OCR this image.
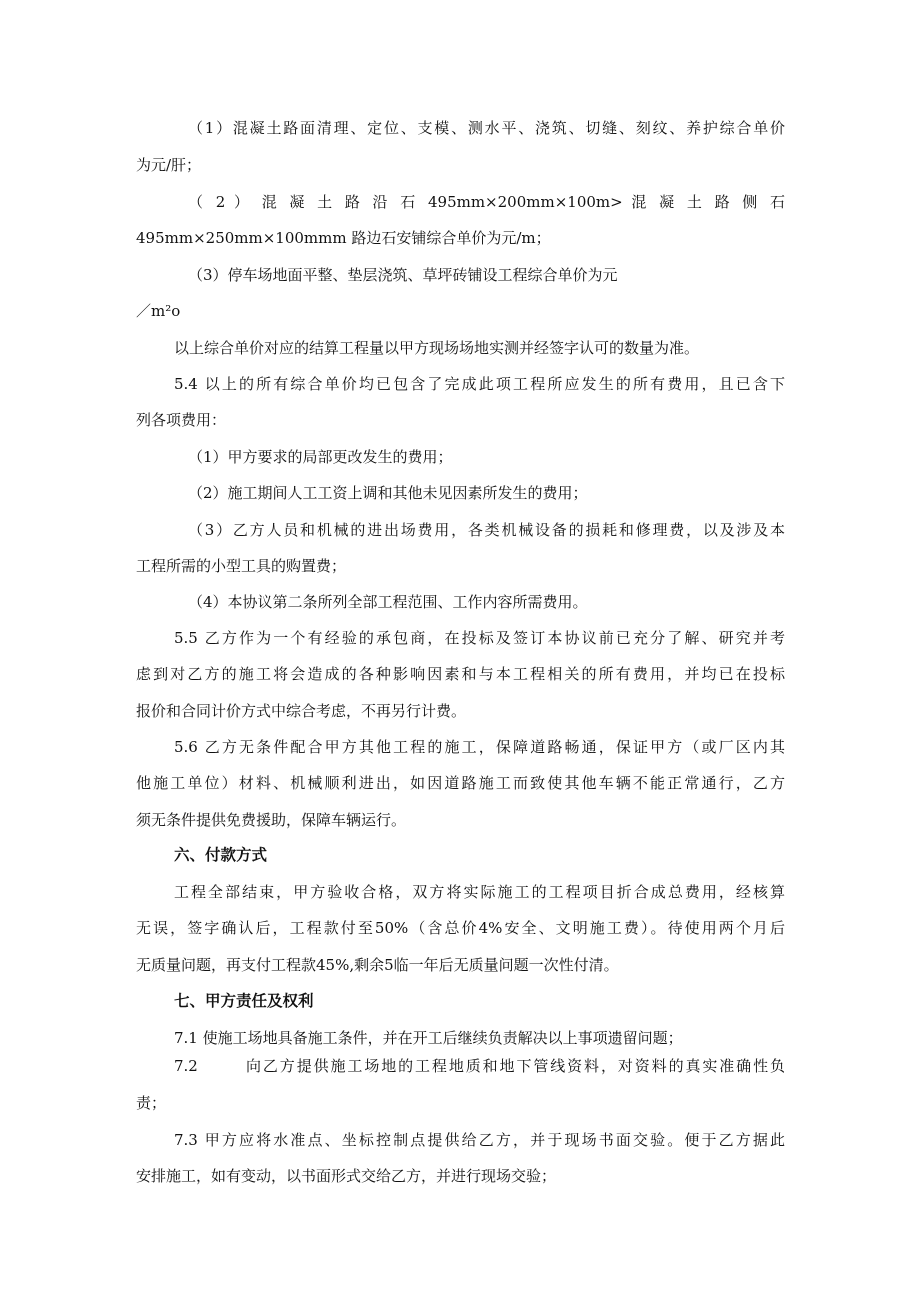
（1）混凝土路面清理、定位、支模、测水平、浇筑、切缝、刻纹、养护综合单价
为元/肝；
（ 2 ） 混 凝 土 路 沿 石 495mm×200mm×100m> 混 凝 土 路 侧 石
495mm×250mm×100mmm 路边石安铺综合单价为元/m；
（3）停车场地面平整、垫层浇筑、草坪砖铺设工程综合单价为元
／m²o
以上综合单价对应的结算工程量以甲方现场场地实测并经签字认可的数量为准。
5.4 以上的所有综合单价均已包含了完成此项工程所应发生的所有费用，且已含下
列各项费用：
（1）甲方要求的局部更改发生的费用；
（2）施工期间人工工资上调和其他未见因素所发生的费用；
（3）乙方人员和机械的进出场费用，各类机械设备的损耗和修理费，以及涉及本
工程所需的小型工具的购置费；
（4）本协议第二条所列全部工程范围、工作内容所需费用。
5.5 乙方作为一个有经验的承包商，在投标及签订本协议前已充分了解、研究并考
虑到对乙方的施工将会造成的各种影响因素和与本工程相关的所有费用，并均已在投标
报价和合同计价方式中综合考虑，不再另行计费。
5.6 乙方无条件配合甲方其他工程的施工，保障道路畅通，保证甲方（或厂区内其
他施工单位）材料、机械顺利进出，如因道路施工而致使其他车辆不能正常通行，乙方
须无条件提供免费援助，保障车辆运行。
六、付款方式
工程全部结束，甲方验收合格，双方将实际施工的工程项目折合成总费用，经核算
无误，签字确认后，工程款付至50%（含总价4%安全、文明施工费）。待使用两个月后
无质量问题，再支付工程款45%,剩余5临一年后无质量问题一次性付清。
七、甲方责任及权利
7.1 使施工场地具备施工条件，并在开工后继续负责解决以上事项遗留问题；
7.2	向乙方提供施工场地的工程地质和地下管线资料，对资料的真实准确性负
责；
7.3 甲方应将水准点、坐标控制点提供给乙方，并于现场书面交验。便于乙方据此
安排施工，如有变动，以书面形式交给乙方，并进行现场交验；
